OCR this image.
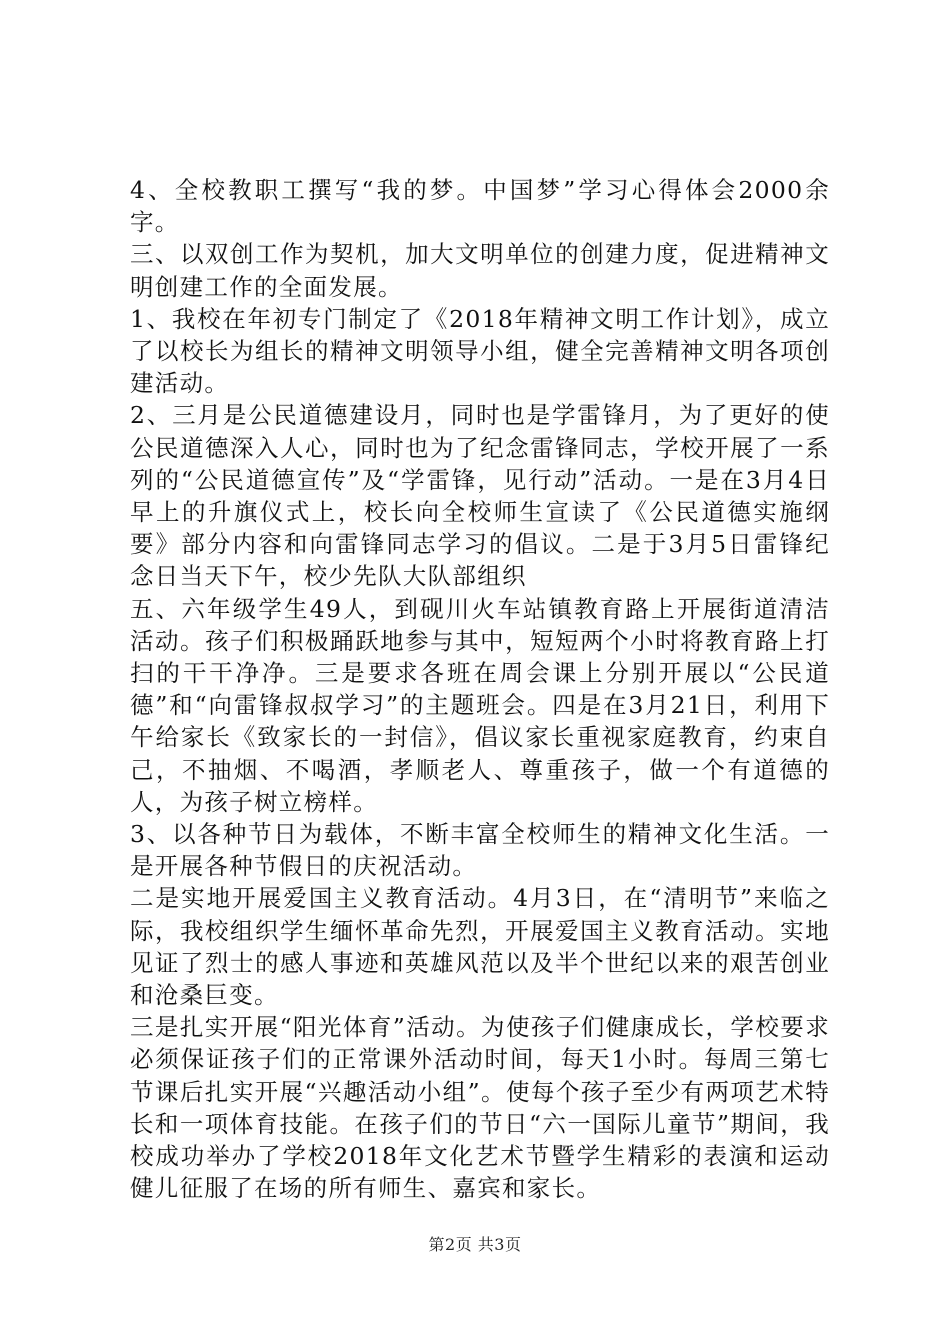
4、全校教职工撰写“我的梦。中国梦”学习心得体会2000余字。

三、以双创工作为契机，加大文明单位的创建力度，促进精神文明创建工作的全面发展。

1、我校在年初专门制定了《2018年精神文明工作计划》，成立了以校长为组长的精神文明领导小组，健全完善精神文明各项创建活动。

2、三月是公民道德建设月，同时也是学雷锋月，为了更好的使公民道德深入人心，同时也为了纪念雷锋同志，学校开展了一系列的“公民道德宣传”及“学雷锋，见行动”活动。一是在3月4日早上的升旗仪式上，校长向全校师生宣读了《公民道德实施纲要》部分内容和向雷锋同志学习的倡议。二是于3月5日雷锋纪念日当天下午，校少先队大队部组织

五、六年级学生49人，到砚川火车站镇教育路上开展街道清洁活动。孩子们积极踊跃地参与其中，短短两个小时将教育路上打扫的干干净净。三是要求各班在周会课上分别开展以“公民道德”和“向雷锋叔叔学习”的主题班会。四是在3月21日，利用下午给家长《致家长的一封信》，倡议家长重视家庭教育，约束自己，不抽烟、不喝酒，孝顺老人、尊重孩子，做一个有道德的人，为孩子树立榜样。

3、以各种节日为载体，不断丰富全校师生的精神文化生活。一是开展各种节假日的庆祝活动。

二是实地开展爱国主义教育活动。4月3日，在“清明节”来临之际，我校组织学生缅怀革命先烈，开展爱国主义教育活动。实地见证了烈士的感人事迹和英雄风范以及半个世纪以来的艰苦创业和沧桑巨变。

三是扎实开展“阳光体育”活动。为使孩子们健康成长，学校要求必须保证孩子们的正常课外活动时间，每天1小时。每周三第七节课后扎实开展“兴趣活动小组”。使每个孩子至少有两项艺术特长和一项体育技能。在孩子们的节日“六一国际儿童节”期间，我校成功举办了学校2018年文化艺术节暨学生精彩的表演和运动健儿征服了在场的所有师生、嘉宾和家长。

第2页 共3页
